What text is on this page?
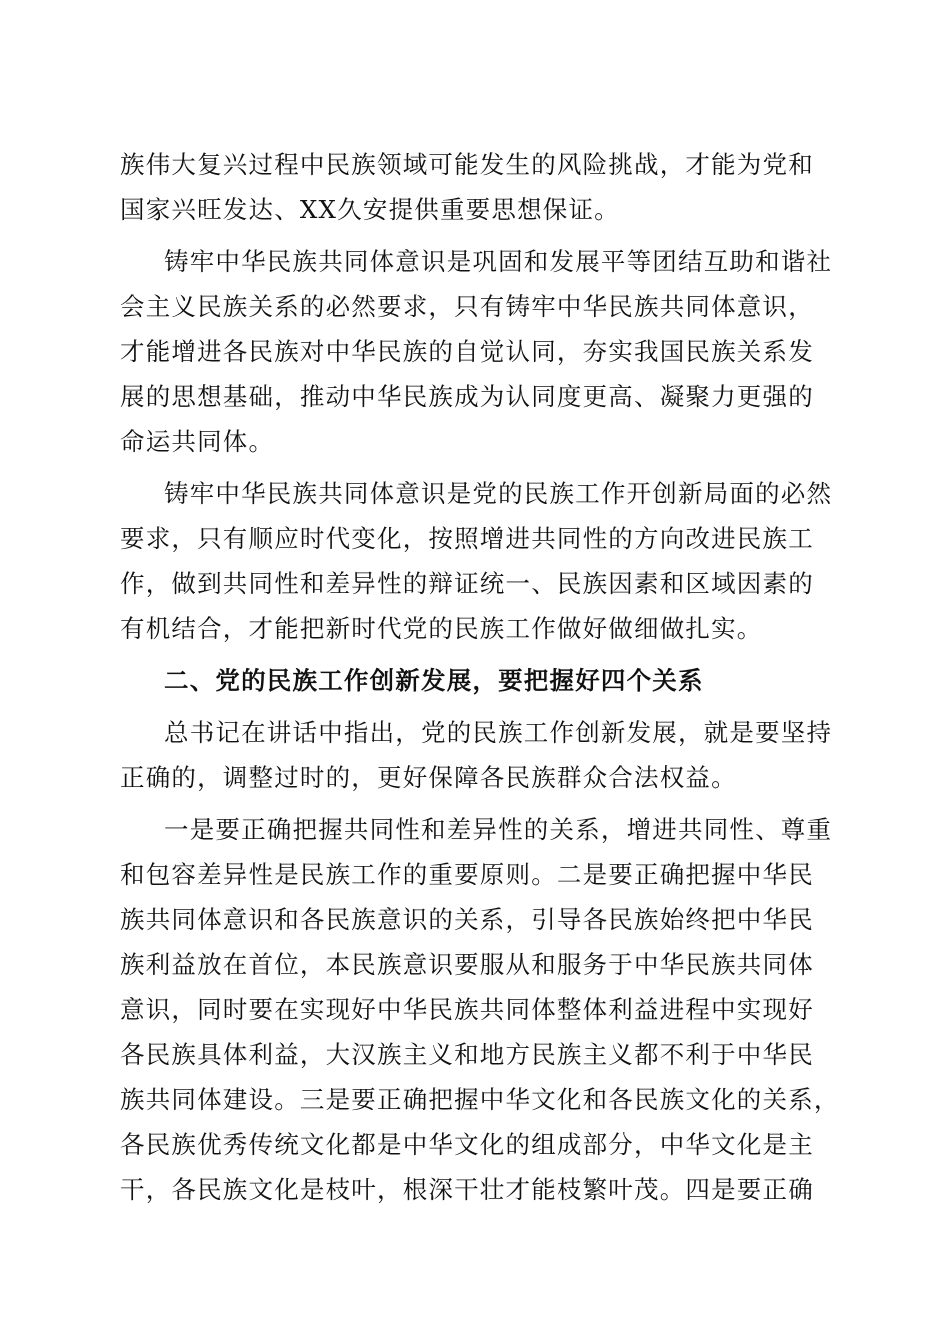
族伟大复兴过程中民族领域可能发生的风险挑战，才能为党和
国家兴旺发达、XX久安提供重要思想保证。
铸牢中华民族共同体意识是巩固和发展平等团结互助和谐社
会主义民族关系的必然要求，只有铸牢中华民族共同体意识，
才能增进各民族对中华民族的自觉认同，夯实我国民族关系发
展的思想基础，推动中华民族成为认同度更高、凝聚力更强的
命运共同体。
铸牢中华民族共同体意识是党的民族工作开创新局面的必然
要求，只有顺应时代变化，按照增进共同性的方向改进民族工
作，做到共同性和差异性的辩证统一、民族因素和区域因素的
有机结合，才能把新时代党的民族工作做好做细做扎实。
二、党的民族工作创新发展，要把握好四个关系
总书记在讲话中指出，党的民族工作创新发展，就是要坚持
正确的，调整过时的，更好保障各民族群众合法权益。
一是要正确把握共同性和差异性的关系，增进共同性、尊重
和包容差异性是民族工作的重要原则。二是要正确把握中华民
族共同体意识和各民族意识的关系，引导各民族始终把中华民
族利益放在首位，本民族意识要服从和服务于中华民族共同体
意识，同时要在实现好中华民族共同体整体利益进程中实现好
各民族具体利益，大汉族主义和地方民族主义都不利于中华民
族共同体建设。三是要正确把握中华文化和各民族文化的关系，
各民族优秀传统文化都是中华文化的组成部分，中华文化是主
干，各民族文化是枝叶，根深干壮才能枝繁叶茂。四是要正确
